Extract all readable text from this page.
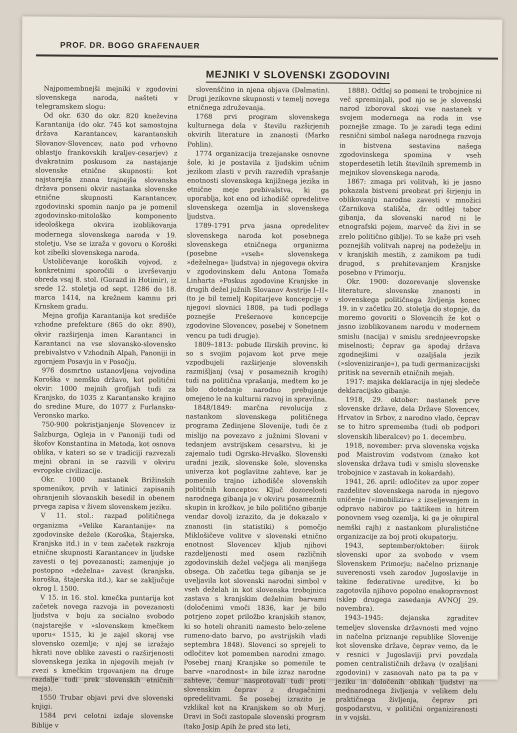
PROF. DR. BOGO GRAFENAUER
MEJNIKI V SLOVENSKI ZGODOVINI

Najpomembnejši mejniki v zgodovini slovenskega naroda, našteti v telegramskem slogu:

Od okr. 630 do okr. 820 kneževina Karantanija (do okr. 745 kot samostojna država Karantancev, karantanskih Slovanov-Slovencev, nato pod vrhovno oblastjo frankovskih kraljev-cesarjev) z dvakratnim poskusom za nastajanje slovenske etnične skupnosti: kot najstarejša znana trajnejša slovanska država ponseni okvir nastanka slovenske etnične skupnosti Karantancev, zgodovinski spomin nanjo pa je pomenil zgodovinsko-mitološko komponento ideološkega okvira izoblikovanja modernega slovenskega naroda v 19. stoletju. Vse se izraža v govoru o Koroški kot zibelki slovenskega naroda.

Ustoličevanje koroških vojvod, z konkretnimi sporočili o izvrševanju obreda vsaj 8. stol. (Gorazd in Hotimir), iz srede 12. stoletja od sept. 1286 do 18. marca 1414, na krežnem kamnu pri Krnskem gradu.

Mejna grofija Karantanija kot središče vzhodne prefekture (865 do okr. 890), okvir razširjenja imen Karantanci in Karantanci na vse slovansko-slovensko prebivalstvo v Vzhodnih Alpah, Panoniji in zgornjem Posavju in v Posočju.

976 dosmrtno ustanovljena vojvodina Koroška v nemško državo, kot politični okvir: 1000 mejnih grofijah tudi za Kranjsko, do 1035 z Karantansko krajino do sredine Mure, do 1077 z Furlansko-Veronsko marko.

750-900 pokristjanjenje Slovencev iz Salzburga, Ogleja in v Panoniji tudi od škofov Konstantina in Metoda, kot osnova oblika, v kateri so se v tradiciji razvezali mejni obrani in se razvili v okviru evropske civilizacije.

Okr. 1000 nastanek Brižinskih spomenikov, prvih v latinici zapisanih ohranjenih slovanskih besedil in obenem prvega zapisa v živem slovenskem jeziku.

V 11. stol.: razpad političnega organizma »Velike Karantanije« na zgodovinske dežele (Koroška, Štajerska, Kranjska itd.) in v tem začetek razkroja etnične skupnosti Karantancev in ljudske zavesti o tej povezanosti; zamenjuje jo postopno »deželna« zavest (kranjska, koroška, štajerska itd.), kar se zaključuje okrog l. 1500.

V 15. in 16. stol. kmečka puntarija kot začetek novega razvoja in povezanosti ljudstva v boju za socialno svobodo (najstarejše v »slovenskem kmečkem uporu« 1515, ki je zajel skoraj vse slovensko ozemlje; v njej se izražajo hkrati nove oblike zavesti o razširjenosti slovenskega jezika in njegovih mejah (v zvezi s kmečkim trgovanjem na druge razdalje tudi prek slovenskih etničnih meja).

1550 Trubar objavi prvi dve slovenski knjigi.

1584 prvi celotni izdaje slovenske Biblije v

slovenščino in njena objava (Dalmatin). Drugi jezikovne skupnosti v temelj novega etničnega združevanja.

1768 prvi program slovenskega kulturnega dela v številu razširjenih okvirih literature in znanosti (Marko Pohlin).

1774 organizacija trezejanske osnovne šole, ki je postavila z ljudskim učnim jezikom zlasti v prvih razredih vprašanje enotnosti slovenskega knjižnega jezika in etnične meje prebivalstva, ki ga uporablja, kot eno od izhodišč opredelitve slovenskega ozemlja in slovenskega ljudstva.

1789-1791 prva jasna opredelitev slovenskega naroda kot posebnega slovenskega etničnega organizma (posebne »vseh« slovenskega »deželnega« ljudstva) in njegovega okvira v zgodovinskem delu Antona Tomaža Linharta »Poskus zgodovine Kranjske in drugih dežel južnih Slovanov Avstrije I–II« (to je bil temelj Kopitarjeve koncepcije v njegovi slovnici 1808, pa tudi podlaga poznejše Prešernove koncepcije zgodovine Slovencev, posebej v Sonetnem vencu pa tudi drugje).

1809–1813: pobude Ilirskih provinc, ki so s svojim pojavom kot prve meje vzpodbujeli razširjenje slovenskih razmišljanj (vsaj v posameznih krogih) tudi na politična vprašanja, medtem ko je bilo dotedanje narodno prebujanje omejeno le na kulturni razvoj in spravilna.

1848/1849: marčna revolucija z nastankom slovenskega političnega programa Zedinjene Slovenije, tudi če z mislijo na povezavo z južnimi Slovani v tedanjem avstrijskem cesarstvu, ki je zajemalo tudi Ogrsko-Hrvaško. Slovenski uradni jezik, slovenske šole, slovenska univerza kot poglavitne zahteve, kar je pomenilo trajno izhodišče slovenskih političnih konceptov. Ključ dozorelosti narodnega gibanja je v okviru posameznih skupin in krožkov, je bilo politično gibanje vendar dovolj izrazito, da je dokazalo v znanosti (in statistiki) s pomočjo Miklošičeve volitve v slovenski etnično enotnost Slovencev kljub njihovi razdeljenosti med osem različnih zgodovinskih dežel večjega ali manjšega obsega. Ob začetku tega gibanja se je uveljavila kot slovenski narodni simbol v vseh deželah in kot slovenska trobojnica zastava s kranjskim deželnim barvami (določenimi vmoči 1836, kar je bilo potrjeno zopet priložbo kranjskih stanov, ki so hoteli ohraniti namesto belo-zelene rumeno-dato barvo, po avstrijskih vladi septembra 1848). Slovenci so sprejeli to odločitev kot pomemben narodni zmago. Posebej rnanj Kranjske so pomenile te barve »narodnost« in bile izraz narodne zahteve, čemur nasprotovali tudi proti slovenskim čeprav z drugačnimi opredelitvami. Še posebej izrazito je vzklikal kot na Kranjskem so ob Murj. Dravi in Soči zastopale slovenski program (tako Josip Apih že pred sto leti,

1888). Odtlej so pomeni te trobojnice ni več spreminjali, pod njo se je slovenski narod izboroval skozi vse nastanek v svojem modernega na roda in vse poznejše zmage. To je zaradi tega edini resnični simbol našega narodnega razvoja in bistvena sestavina našega zgodovinskega spomina v vseh stoperdesetih letih številnih sprememb in mejnikov slovenskega naroda.

1867: zmaga pri volitvah, ki je jasno pokazala bistveni preobrat pri širjenju in oblikovanju narodne zavesti v množici (Zarnikova stališča, dr. odtlej tabor gibanja, da slovenski narod ni le etnografski pojem, marveč da živi in se zrelo politično giblje). To se kaže pri vseh poznejših volitvah naprej na podeželju in v kranjskih mestih, z zamikom pa tudi drugod, s prehitevanjem Kranjske posebno v Primorju.

Okr. 1900: dozorevanje slovenske literature, slovenske znanosti in slovenskega političnega življenja konec 19. in v začetku 20. stoletja do stopnje, da moremo govoriti o Slovencih že kot o jasno izoblikovanem narodu v modernem smislu (nacija) v smislu srednjeevropske miselnosti; čeprav ga spodaj država zgodnejšimi v ozaljšala jezik (»sloveniziranje«), pa tudi germanizacijski pritisk na severnih etničnih mejah.

1917: majska deklaracija in njej sledeče deklaracijsko gibanje.

1918, 29. oktober: nastanek prve slovenske države, dela Države Slovencev, Hrvatov in Srbov, z narodno vlado, čeprav se to hitro sprememba (tudi ob podpori slovenskih liberalcev) po 1. decembru.

1918, november: prva slovenska vojska pod Maistrovim vodstvom (znako kot slovenska država tudi v smislu slovenske trobojnice v zastavah in kokardah).

1941, 26. april: odločitev za upor zoper razdelitev slovenskega naroda in njegovo uničenje (»imobilizira« z izseljevanjem in odpravo nabirov po taktikem in hitrem ponovnem vseg ozemlja, ki ga je okupiral nemški rajh) z nastankom pluralistične organizacije za boj proti okupatorju.

1943, september/oktober: šiirok slovenski upor za svobodo v vsem Slovenskem Primorju; načelno priznanje suverenosti vseh zarodov Jugoslavije in takine federativne ureditve, ki bo zagotovila njihovo popolno enakopravnost (sklep drugega zasedanja AVNOJ 29. novembra).

1943–1945: dejanska zgraditev temeljev slovenske državnosti med vojno in načelna priznanje republike Slovenije kot slovenske države, čeprav vemo, da le v resnici v Jugoslaviji prvi povzdala pomen centralističnih država (v ozaljšani zgodovini) v zasnovah nato pa ta pa v jeziku in določenih oblikah ljudstvi na mednarodnega življenja v velikem delu praktičnega življenja, čeprav pri gospodarstvu, v politični organiziranosti in v vojski.
